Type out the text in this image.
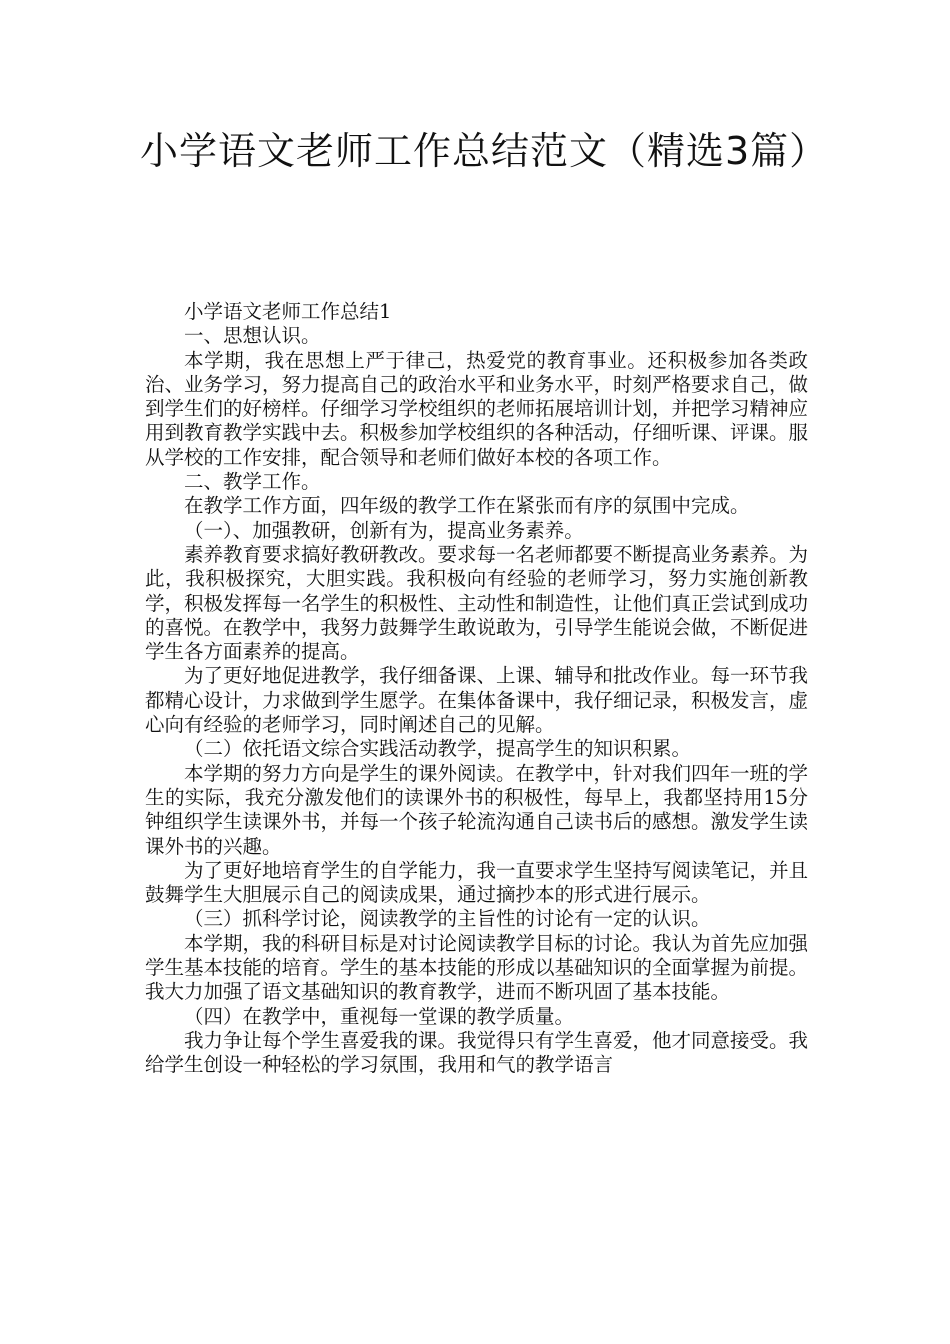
小学语文老师工作总结范文（精选3篇）

小学语文老师工作总结1

一、思想认识。

本学期，我在思想上严于律己，热爱党的教育事业。还积极参加各类政治、业务学习，努力提高自己的政治水平和业务水平，时刻严格要求自己，做到学生们的好榜样。仔细学习学校组织的老师拓展培训计划，并把学习精神应用到教育教学实践中去。积极参加学校组织的各种活动，仔细听课、评课。服从学校的工作安排，配合领导和老师们做好本校的各项工作。

二、教学工作。

在教学工作方面，四年级的教学工作在紧张而有序的氛围中完成。

（一）、加强教研，创新有为，提高业务素养。

素养教育要求搞好教研教改。要求每一名老师都要不断提高业务素养。为此，我积极探究，大胆实践。我积极向有经验的老师学习，努力实施创新教学，积极发挥每一名学生的积极性、主动性和制造性，让他们真正尝试到成功的喜悦。在教学中，我努力鼓舞学生敢说敢为，引导学生能说会做，不断促进学生各方面素养的提高。

为了更好地促进教学，我仔细备课、上课、辅导和批改作业。每一环节我都精心设计，力求做到学生愿学。在集体备课中，我仔细记录，积极发言，虚心向有经验的老师学习，同时阐述自己的见解。

（二）依托语文综合实践活动教学，提高学生的知识积累。

本学期的努力方向是学生的课外阅读。在教学中，针对我们四年一班的学生的实际，我充分激发他们的读课外书的积极性，每早上，我都坚持用15分钟组织学生读课外书，并每一个孩子轮流沟通自己读书后的感想。激发学生读课外书的兴趣。

为了更好地培育学生的自学能力，我一直要求学生坚持写阅读笔记，并且鼓舞学生大胆展示自己的阅读成果，通过摘抄本的形式进行展示。

（三）抓科学讨论，阅读教学的主旨性的讨论有一定的认识。

本学期，我的科研目标是对讨论阅读教学目标的讨论。我认为首先应加强学生基本技能的培育。学生的基本技能的形成以基础知识的全面掌握为前提。我大力加强了语文基础知识的教育教学，进而不断巩固了基本技能。

（四）在教学中，重视每一堂课的教学质量。

我力争让每个学生喜爱我的课。我觉得只有学生喜爱，他才同意接受。我给学生创设一种轻松的学习氛围，我用和气的教学语言
